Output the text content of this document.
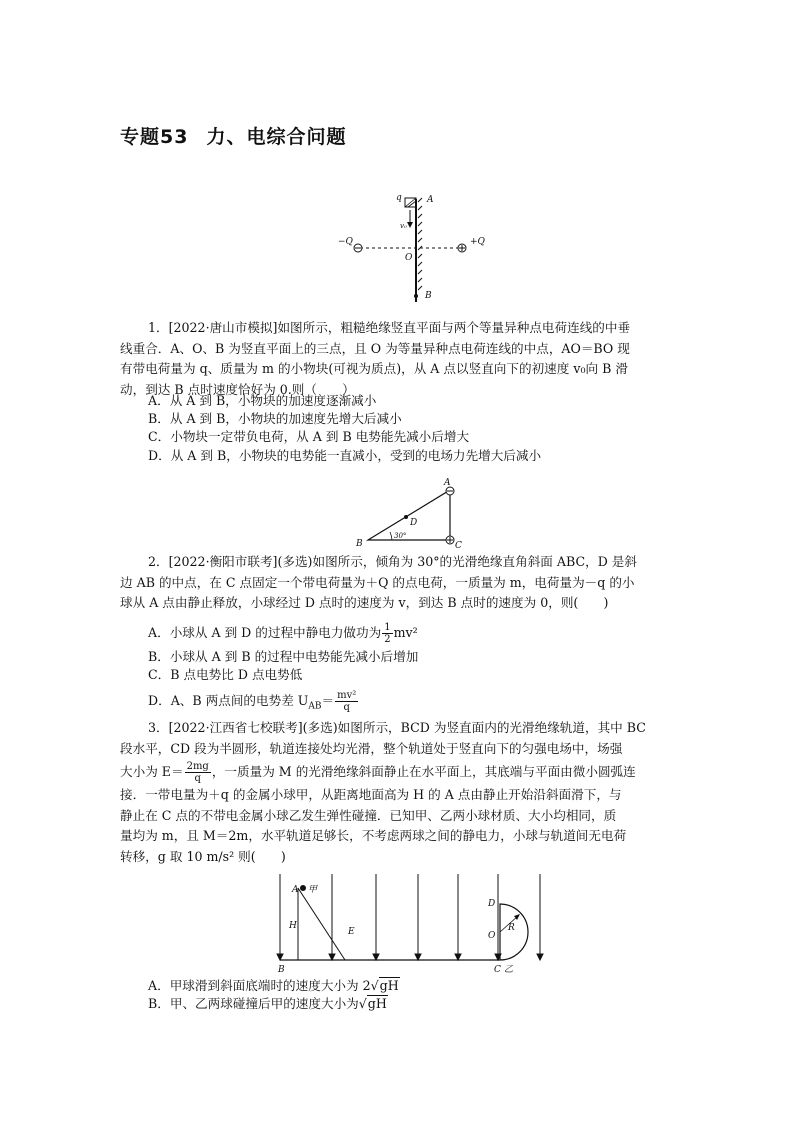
专题53 力、电综合问题
q	A
v₀
−Q
O
+Q
B
1．[2022·唐山市模拟]如图所示，粗糙绝缘竖直平面与两个等量异种点电荷连线的中垂
线重合．A、O、B 为竖直平面上的三点，且 O 为等量异种点电荷连线的中点，AO＝BO 现
有带电荷量为 q、质量为 m 的小物块(可视为质点)，从 A 点以竖直向下的初速度 v₀向 B 滑
动，到达 B 点时速度恰好为 0.则（　　）
A．从 A 到 B，小物块的加速度逐渐减小
B．从 A 到 B，小物块的加速度先增大后减小
C．小物块一定带负电荷，从 A 到 B 电势能先减小后增大
D．从 A 到 B，小物块的电势能一直减小，受到的电场力先增大后减小
A
D
30°
B	C
2．[2022·衡阳市联考](多选)如图所示，倾角为 30°的光滑绝缘直角斜面 ABC，D 是斜
边 AB 的中点，在 C 点固定一个带电荷量为＋Q 的点电荷，一质量为 m，电荷量为－q 的小
球从 A 点由静止释放，小球经过 D 点时的速度为 v，到达 B 点时的速度为 0，则(　　)
A．小球从 A 到 D 的过程中静电力做功为 $\frac{1}{2} mv^2$
B．小球从 A 到 B 的过程中电势能先减小后增加
C．B 点电势比 D 点电势低
D．A、B 两点间的电势差 $U_{AB}= \frac{\text{mv²}}{q}$
3．[2022·江西省七校联考](多选)如图所示，BCD 为竖直面内的光滑绝缘轨道，其中 BC
段水平，CD 段为半圆形，轨道连接处均光滑，整个轨道处于竖直向下的匀强电场中，场强
大小为 $E= \frac{2mg}{q}$ ，一质量为 M 的光滑绝缘斜面静止在水平面上，其底端与平面由微小圆弧连
接．一带电量为＋q 的金属小球甲，从距离地面高为 H 的 A 点由静止开始沿斜面滑下，与
静止在 C 点的不带电金属小球乙发生弹性碰撞．已知甲、乙两小球材质、大小均相同，质
量均为 m，且 M＝2m，水平轨道足够长，不考虑两球之间的静电力，小球与轨道间无电荷
转移，g 取 10 m/s² 则(　　)
A 甲
H
E
D
R
O
B	C 乙
A．甲球滑到斜面底端时的速度大小为 2√gH
B．甲、乙两球碰撞后甲的速度大小为√gH
